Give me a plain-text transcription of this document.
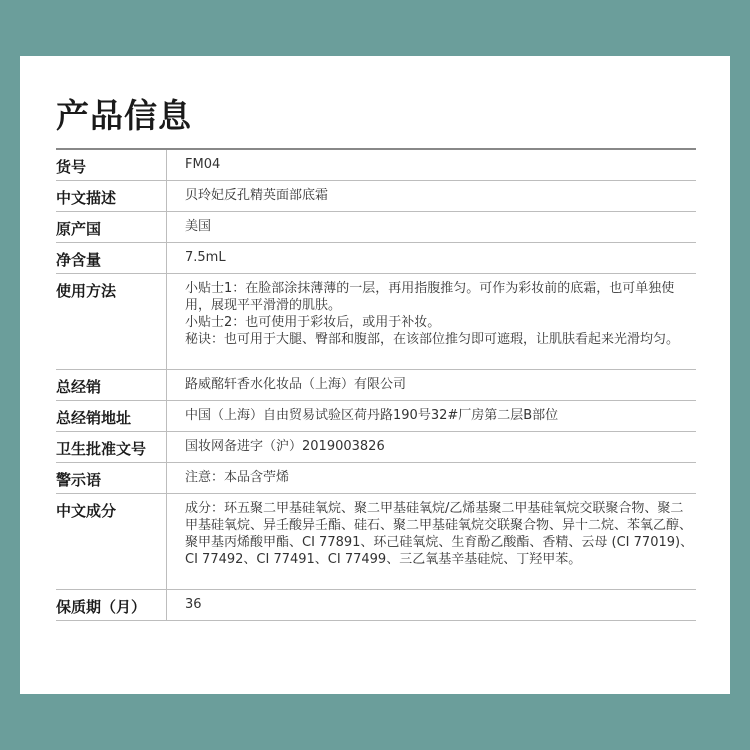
产品信息
货号	FM04
中文描述	贝玲妃反孔精英面部底霜
原产国	美国
净含量	7.5mL
使用方法	小贴士1：在脸部涂抹薄薄的一层，再用指腹推匀。可作为彩妆前的底霜，也可单独使用，展现平平滑滑的肌肤。

小贴士2：也可使用于彩妆后，或用于补妆。

秘诀：也可用于大腿、臀部和腹部，在该部位推匀即可遮瑕，让肌肤看起来光滑均匀。

总经销	路威酩轩香水化妆品（上海）有限公司
总经销地址	中国（上海）自由贸易试验区荷丹路190号32#厂房第二层B部位
卫生批准文号	国妆网备进字（沪）2019003826
警示语	注意：本品含苧烯
中文成分	成分：环五聚二甲基硅氧烷、聚二甲基硅氧烷/乙烯基聚二甲基硅氧烷交联聚合物、聚二甲基硅氧烷、异壬酸异壬酯、硅石、聚二甲基硅氧烷交联聚合物、异十二烷、苯氧乙醇、聚甲基丙烯酸甲酯、CI 77891、环己硅氧烷、生育酚乙酸酯、香精、云母 (CI 77019)、CI 77492、CI 77491、CI 77499、三乙氧基辛基硅烷、丁羟甲苯。
保质期（月）	36
